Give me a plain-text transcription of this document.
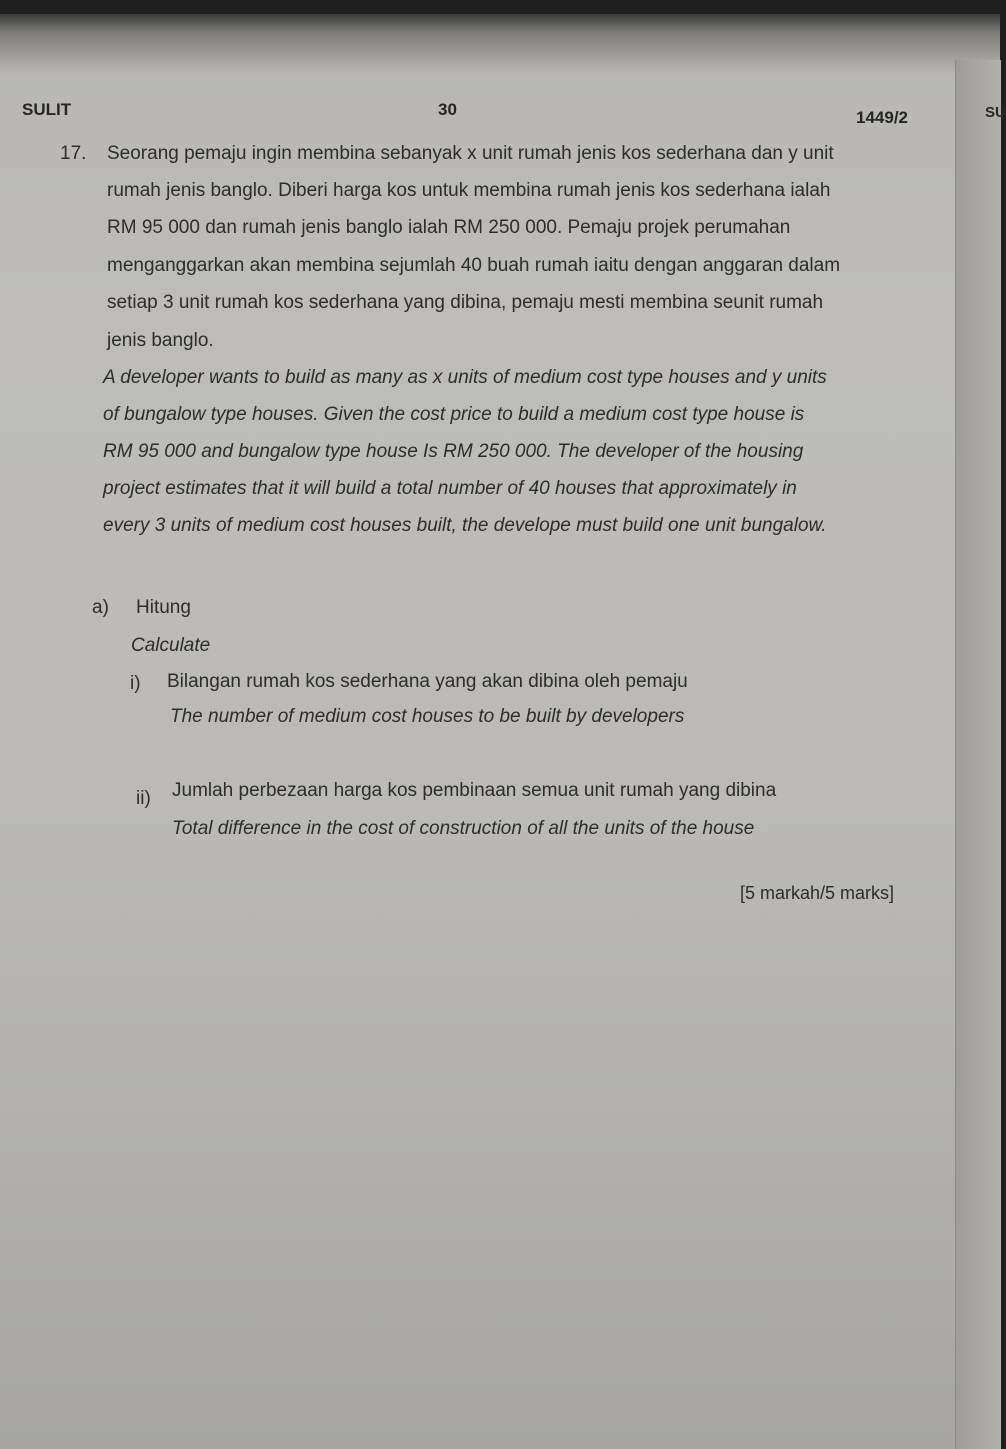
SU
SULIT	30	1449/2
17. Seorang pemaju ingin membina sebanyak x unit rumah jenis kos sederhana dan y unit
rumah jenis banglo. Diberi harga kos untuk membina rumah jenis kos sederhana ialah
RM 95 000 dan rumah jenis banglo ialah RM 250 000. Pemaju projek perumahan
menganggarkan akan membina sejumlah 40 buah rumah iaitu dengan anggaran dalam
setiap 3 unit rumah kos sederhana yang dibina, pemaju mesti membina seunit rumah
jenis banglo.
A developer wants to build as many as x units of medium cost type houses and y units
of bungalow type houses. Given the cost price to build a medium cost type house is
RM 95 000 and bungalow type house Is RM 250 000. The developer of the housing
project estimates that it will build a total number of 40 houses that approximately in
every 3 units of medium cost houses built, the develope must build one unit bungalow.
a) Hitung
Calculate
i) Bilangan rumah kos sederhana yang akan dibina oleh pemaju
The number of medium cost houses to be built by developers
ii) Jumlah perbezaan harga kos pembinaan semua unit rumah yang dibina
Total difference in the cost of construction of all the units of the house
[5 markah/5 marks]
